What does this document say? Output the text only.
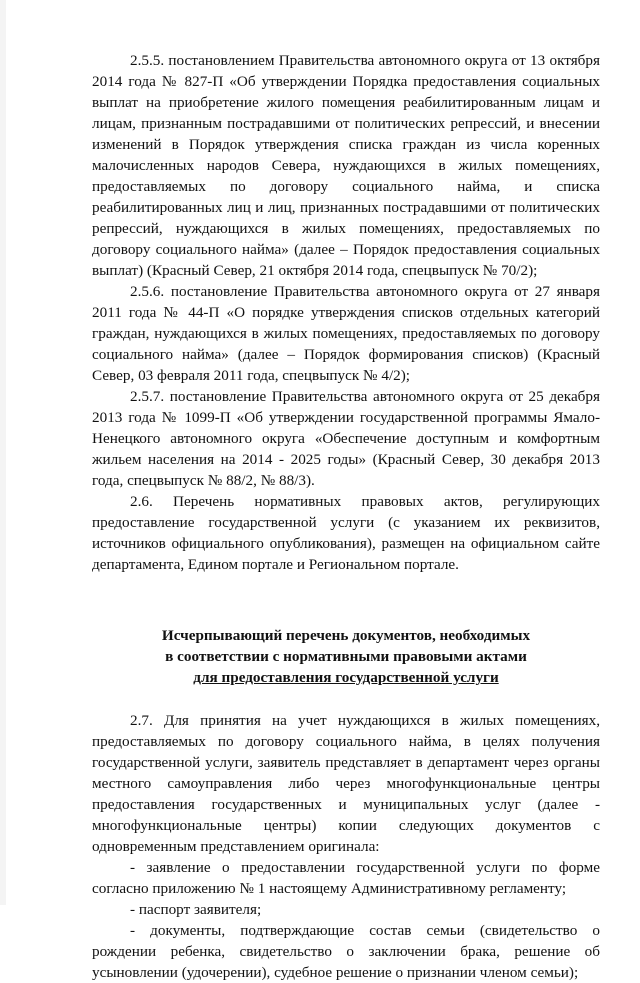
2.5.5. постановлением Правительства автономного округа от 13 октября 2014 года № 827-П «Об утверждении Порядка предоставления социальных выплат на приобретение жилого помещения реабилитированным лицам и лицам, признанным пострадавшими от политических репрессий, и внесении изменений в Порядок утверждения списка граждан из числа коренных малочисленных народов Севера, нуждающихся в жилых помещениях, предоставляемых по договору социального найма, и списка реабилитированных лиц и лиц, признанных пострадавшими от политических репрессий, нуждающихся в жилых помещениях, предоставляемых по договору социального найма» (далее – Порядок предоставления социальных выплат) (Красный Север, 21 октября 2014 года, спецвыпуск № 70/2);

2.5.6. постановление Правительства автономного округа от 27 января 2011 года № 44-П «О порядке утверждения списков отдельных категорий граждан, нуждающихся в жилых помещениях, предоставляемых по договору социального найма» (далее – Порядок формирования списков) (Красный Север, 03 февраля 2011 года, спецвыпуск № 4/2);

2.5.7. постановление Правительства автономного округа от 25 декабря 2013 года № 1099-П «Об утверждении государственной программы Ямало-Ненецкого автономного округа «Обеспечение доступным и комфортным жильем населения на 2014 - 2025 годы» (Красный Север, 30 декабря 2013 года, спецвыпуск № 88/2, № 88/3).

2.6. Перечень нормативных правовых актов, регулирующих предоставление государственной услуги (с указанием их реквизитов, источников официального опубликования), размещен на официальном сайте департамента, Едином портале и Региональном портале.

Исчерпывающий перечень документов, необходимых
в соответствии с нормативными правовыми актами
для предоставления государственной услуги

2.7. Для принятия на учет нуждающихся в жилых помещениях, предоставляемых по договору социального найма, в целях получения государственной услуги, заявитель представляет в департамент через органы местного самоуправления либо через многофункциональные центры предоставления государственных и муниципальных услуг (далее - многофункциональные центры) копии следующих документов с одновременным представлением оригинала:

- заявление о предоставлении государственной услуги по форме согласно приложению № 1 настоящему Административному регламенту;

- паспорт заявителя;

- документы, подтверждающие состав семьи (свидетельство о рождении ребенка, свидетельство о заключении брака, решение об усыновлении (удочерении), судебное решение о признании членом семьи);
